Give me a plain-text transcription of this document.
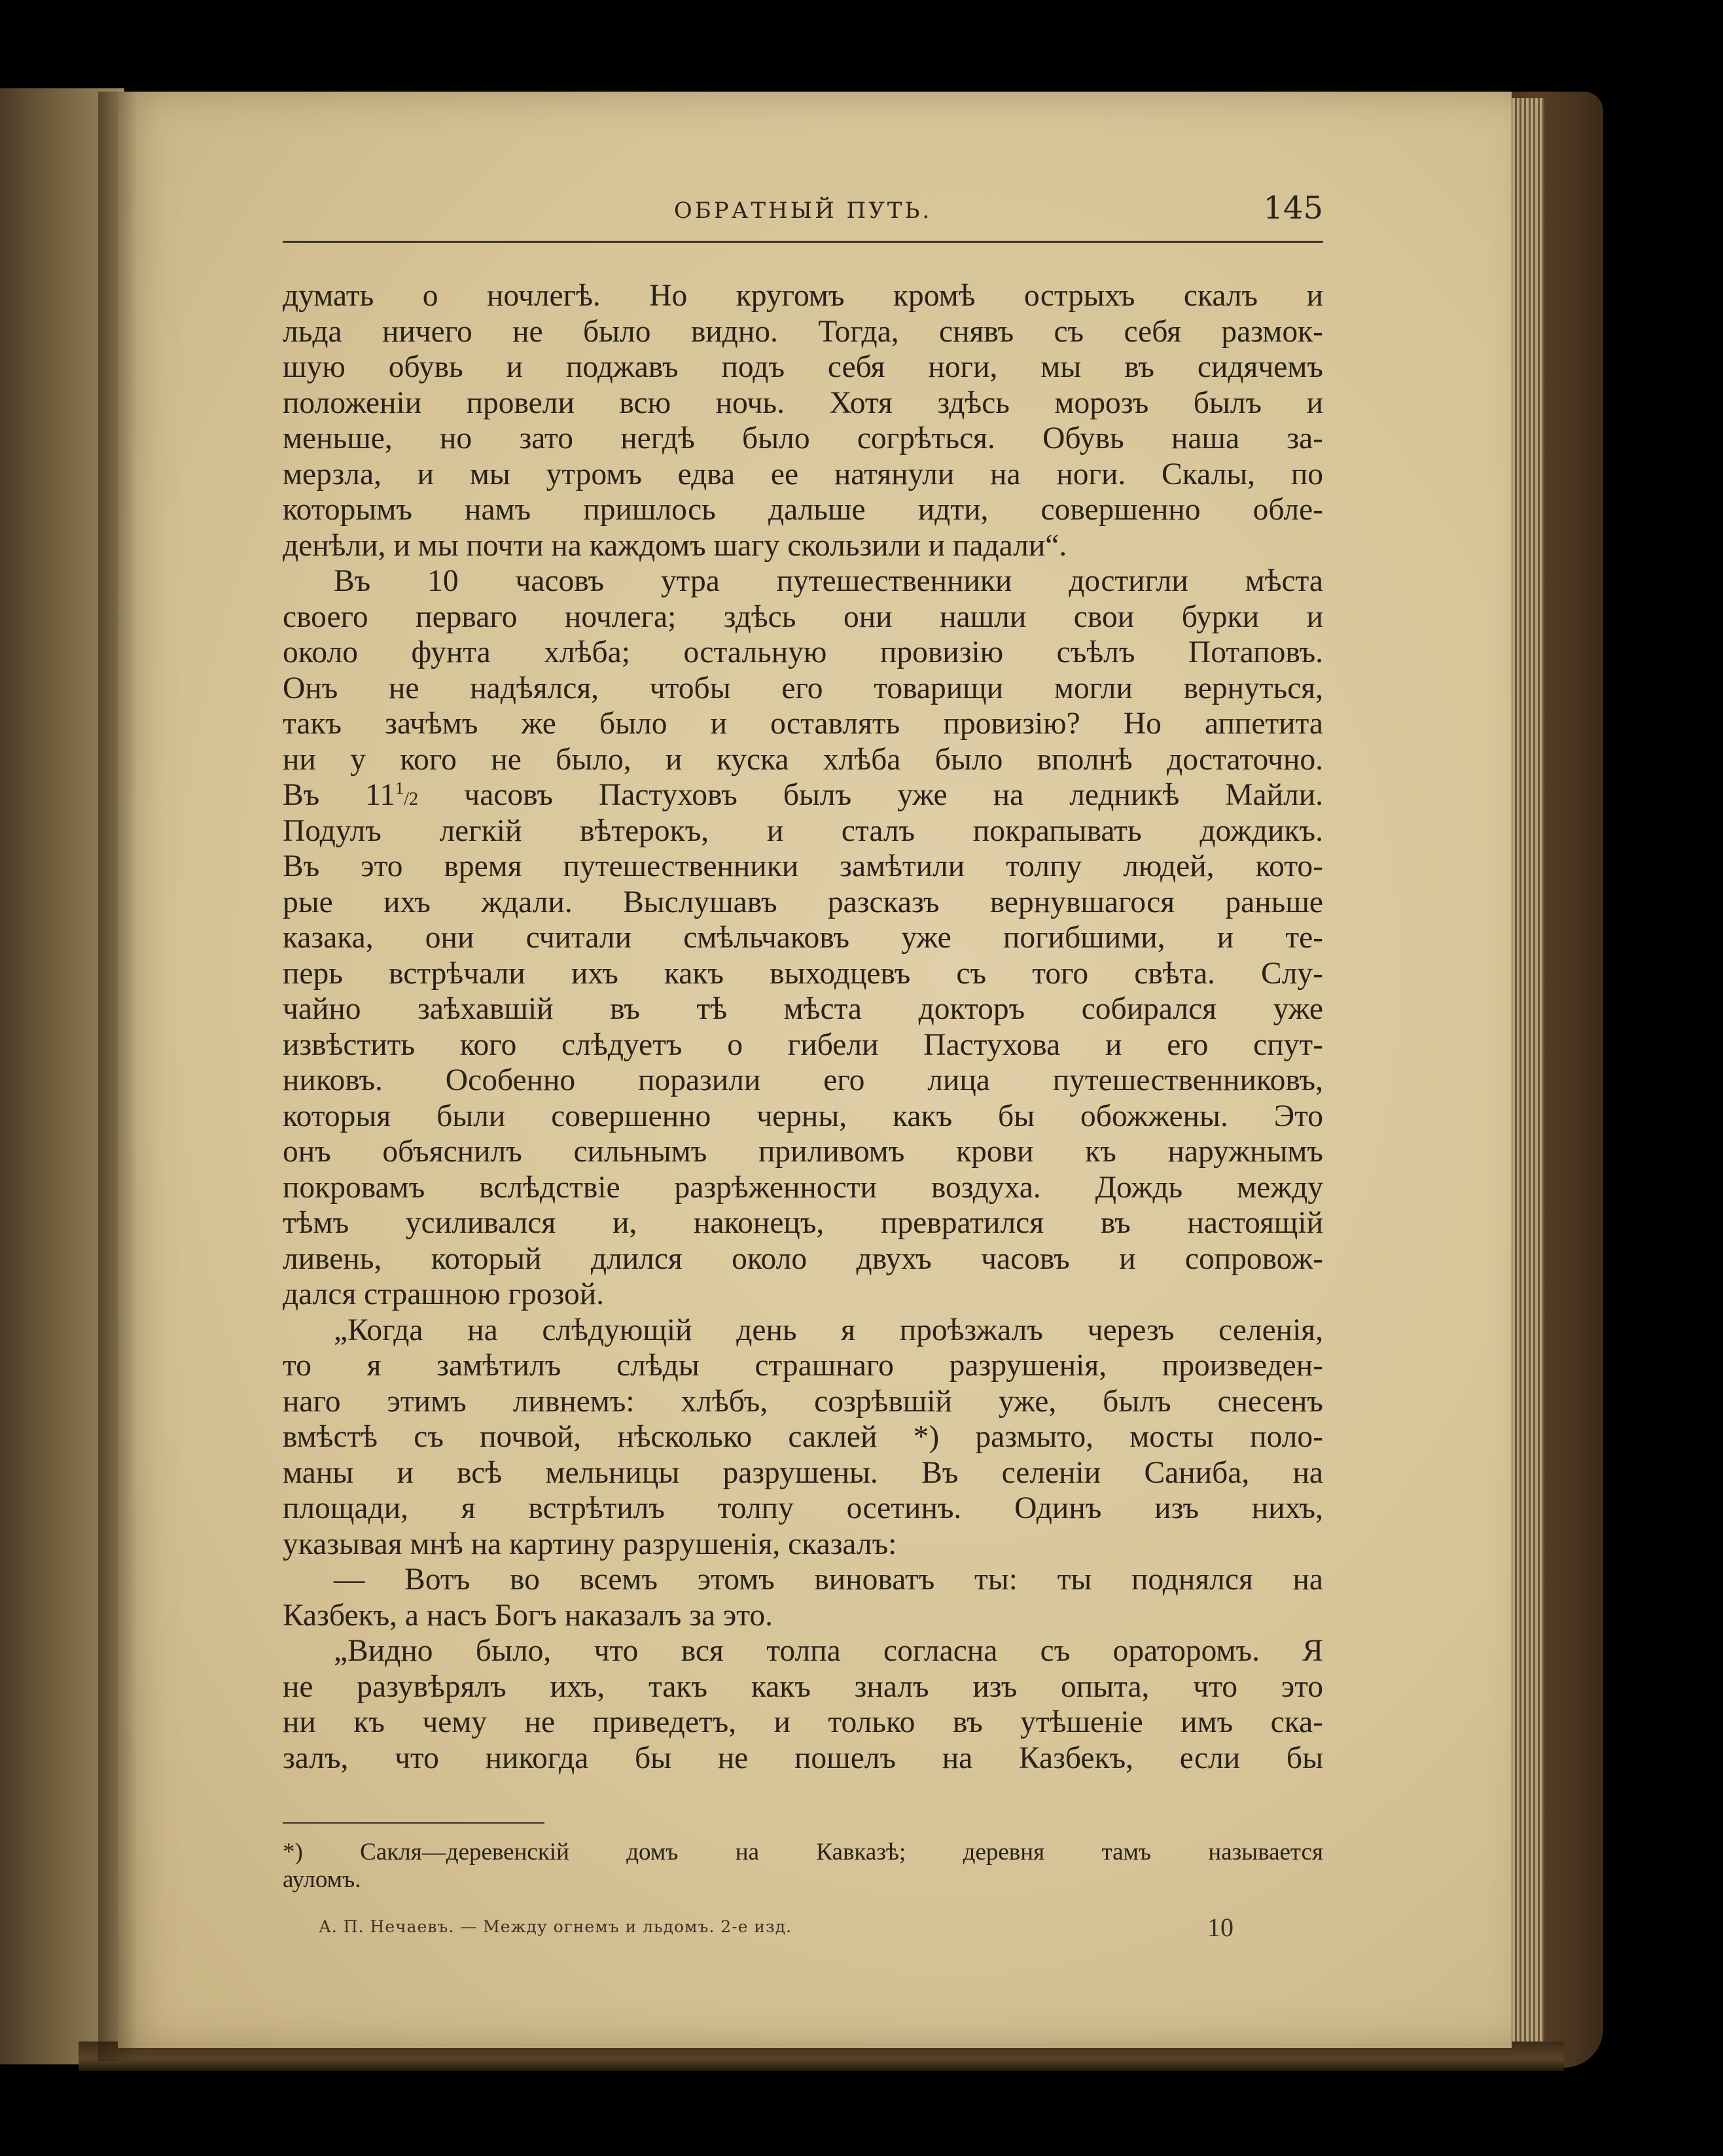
ОБРАТНЫЙ ПУТЬ.	145
думать о ночлегѣ. Но кругомъ кромѣ острыхъ скалъ и
льда ничего не было видно. Тогда, снявъ съ себя размок-
шую обувь и поджавъ подъ себя ноги, мы въ сидячемъ
положенiи провели всю ночь. Хотя здѣсь морозъ былъ и
меньше, но зато негдѣ было согрѣться. Обувь наша за-
мерзла, и мы утромъ едва ее натянули на ноги. Скалы, по
которымъ намъ пришлось дальше идти, совершенно обле-
денѣли, и мы почти на каждомъ шагу скользили и падали“.
Въ 10 часовъ утра путешественники достигли мѣста
своего перваго ночлега; здѣсь они нашли свои бурки и
около фунта хлѣба; остальную провизiю съѣлъ Потаповъ.
Онъ не надѣялся, чтобы его товарищи могли вернуться,
такъ зачѣмъ же было и оставлять провизiю? Но аппетита
ни у кого не было, и куска хлѣба было вполнѣ достаточно.
Въ $11^1/2$ часовъ Пастуховъ былъ уже на ледникѣ Майли.
Подулъ легкiй вѣтерокъ, и сталъ покрапывать дождикъ.
Въ это время путешественники замѣтили толпу людей, кото-
рые ихъ ждали. Выслушавъ разсказъ вернувшагося раньше
казака, они считали смѣльчаковъ уже погибшими, и те-
перь встрѣчали ихъ какъ выходцевъ съ того свѣта. Слу-
чайно заѣхавшiй въ тѣ мѣста докторъ собирался уже
извѣстить кого слѣдуетъ о гибели Пастухова и его спут-
никовъ. Особенно поразили его лица путешественниковъ,
которыя были совершенно черны, какъ бы обожжены. Это
онъ объяснилъ сильнымъ приливомъ крови къ наружнымъ
покровамъ вслѣдствiе разрѣженности воздуха. Дождь между
тѣмъ усиливался и, наконецъ, превратился въ настоящiй
ливень, который длился около двухъ часовъ и сопровож-
дался страшною грозой.
„Когда на слѣдующiй день я проѣзжалъ черезъ селенiя,
то я замѣтилъ слѣды страшнаго разрушенiя, произведен-
наго этимъ ливнемъ: хлѣбъ, созрѣвшiй уже, былъ снесенъ
вмѣстѣ съ почвой, нѣсколько саклей *) размыто, мосты поло-
маны и всѣ мельницы разрушены. Въ селенiи Саниба, на
площади, я встрѣтилъ толпу осетинъ. Одинъ изъ нихъ,
указывая мнѣ на картину разрушенiя, сказалъ:
— Вотъ во всемъ этомъ виноватъ ты: ты поднялся на
Казбекъ, а насъ Богъ наказалъ за это.
„Видно было, что вся толпа согласна съ ораторомъ. Я
не разувѣрялъ ихъ, такъ какъ зналъ изъ опыта, что это
ни къ чему не приведетъ, и только въ утѣшенiе имъ ска-
залъ, что никогда бы не пошелъ на Казбекъ, если бы
*) Сакля—деревенскiй домъ на Кавказѣ; деревня тамъ называется
ауломъ.
А. П. Нечаевъ. — Между огнемъ и льдомъ. 2-е изд.	10
